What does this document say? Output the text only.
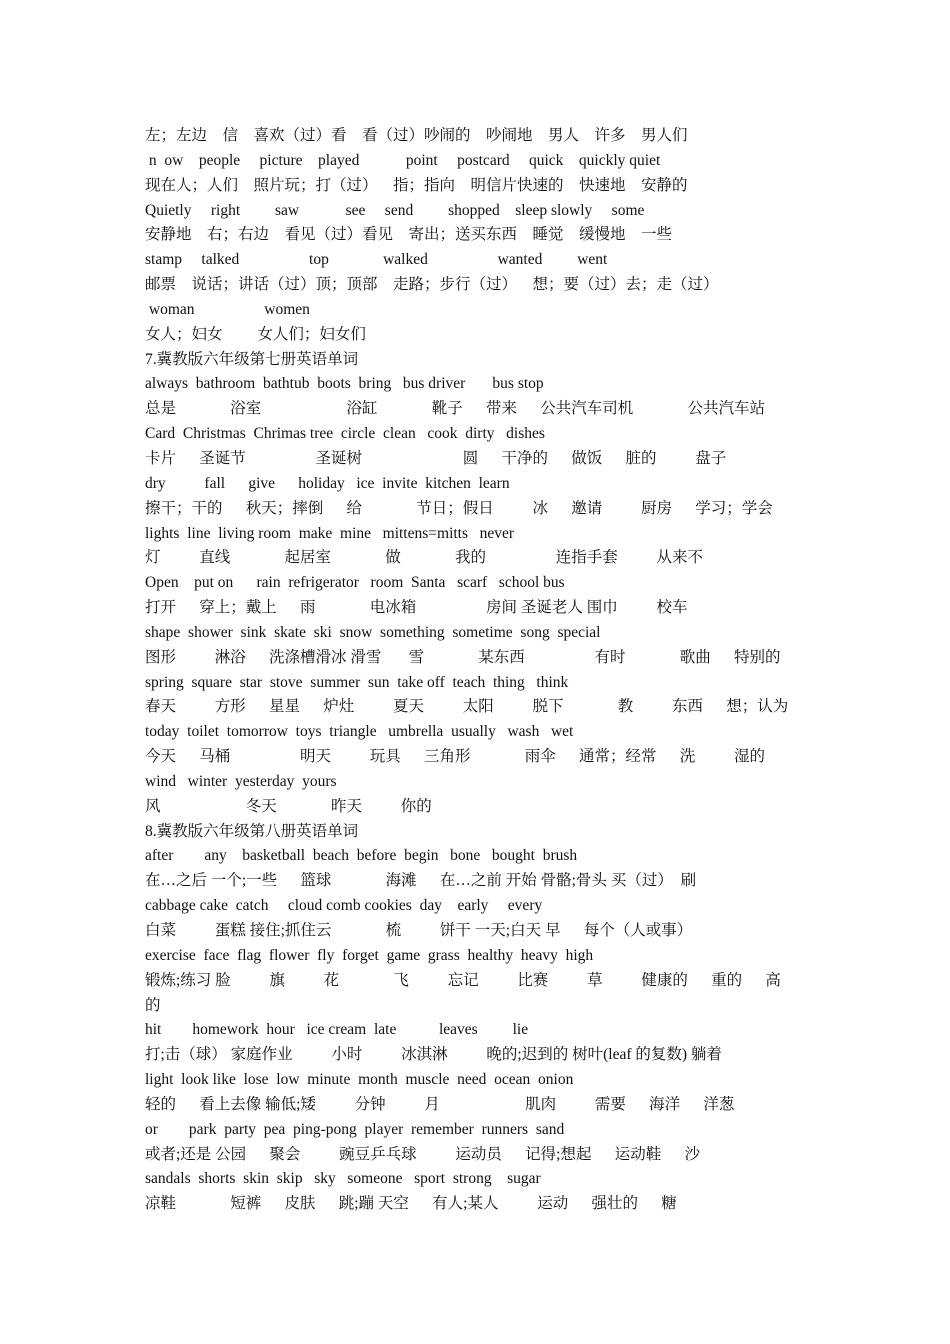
左；左边    信    喜欢（过）看    看（过）吵闹的    吵闹地    男人    许多    男人们
n  ow    people     picture    played            point     postcard     quick    quickly quiet
现在人；人们    照片玩；打（过）    指；指向    明信片快速的    快速地    安静的
Quietly     right         saw            see     send         shopped    sleep slowly     some
安静地    右；右边    看见（过）看见    寄出；送买东西    睡觉    缓慢地    一些
stamp     talked                  top              walked                  wanted         went
邮票    说话；讲话（过）顶；顶部    走路；步行（过）    想；要（过）去；走（过）
woman                  women
女人；妇女         女人们；妇女们
7.冀教版六年级第七册英语单词
always  bathroom  bathtub  boots  bring   bus driver       bus stop
总是              浴室                      浴缸              靴子      带来      公共汽车司机              公共汽车站
Card  Christmas  Chrimas tree  circle  clean   cook  dirty   dishes
卡片      圣诞节                  圣诞树                          圆      干净的      做饭      脏的          盘子
dry          fall      give      holiday   ice  invite  kitchen  learn
擦干；干的      秋天；摔倒      给              节日；假日          冰      邀请          厨房      学习；学会
lights  line  living room  make  mine   mittens=mitts   never
灯          直线              起居室              做              我的                  连指手套          从来不
Open    put on      rain  refrigerator   room  Santa   scarf   school bus
打开      穿上；戴上      雨              电冰箱                  房间 圣诞老人 围巾          校车
shape  shower  sink  skate  ski  snow  something  sometime  song  special
图形          淋浴      洗涤槽滑冰 滑雪       雪              某东西                  有时              歌曲      特别的
spring  square  star  stove  summer  sun  take off  teach  thing   think
春天          方形      星星      炉灶          夏天          太阳          脱下              教          东西      想；认为
today  toilet  tomorrow  toys  triangle   umbrella  usually   wash   wet
今天      马桶                  明天          玩具      三角形              雨伞      通常；经常      洗          湿的
wind   winter  yesterday  yours
风                      冬天              昨天          你的
8.冀教版六年级第八册英语单词
after        any    basketball  beach  before  begin   bone   bought  brush
在…之后 一个;一些      篮球              海滩      在…之前 开始 骨骼;骨头 买（过）  刷
cabbage cake  catch     cloud comb cookies  day    early     every
白菜          蛋糕 接住;抓住云              梳          饼干 一天;白天 早      每个（人或事）
exercise  face  flag  flower  fly  forget  game  grass  healthy  heavy  high
锻炼;练习 脸          旗          花              飞          忘记          比赛          草          健康的      重的      高
的
hit        homework  hour   ice cream  late           leaves         lie
打;击（球） 家庭作业          小时          冰淇淋          晚的;迟到的 树叶(leaf 的复数) 躺着
light  look like  lose  low  minute  month  muscle  need  ocean  onion
轻的      看上去像 输低;矮          分钟          月                      肌肉          需要      海洋      洋葱
or        park  party  pea  ping-pong  player  remember  runners  sand
或者;还是 公园      聚会          豌豆乒乓球          运动员      记得;想起      运动鞋      沙
sandals  shorts  skin  skip   sky   someone   sport  strong    sugar
凉鞋              短裤      皮肤      跳;蹦 天空      有人;某人          运动      强壮的      糖
